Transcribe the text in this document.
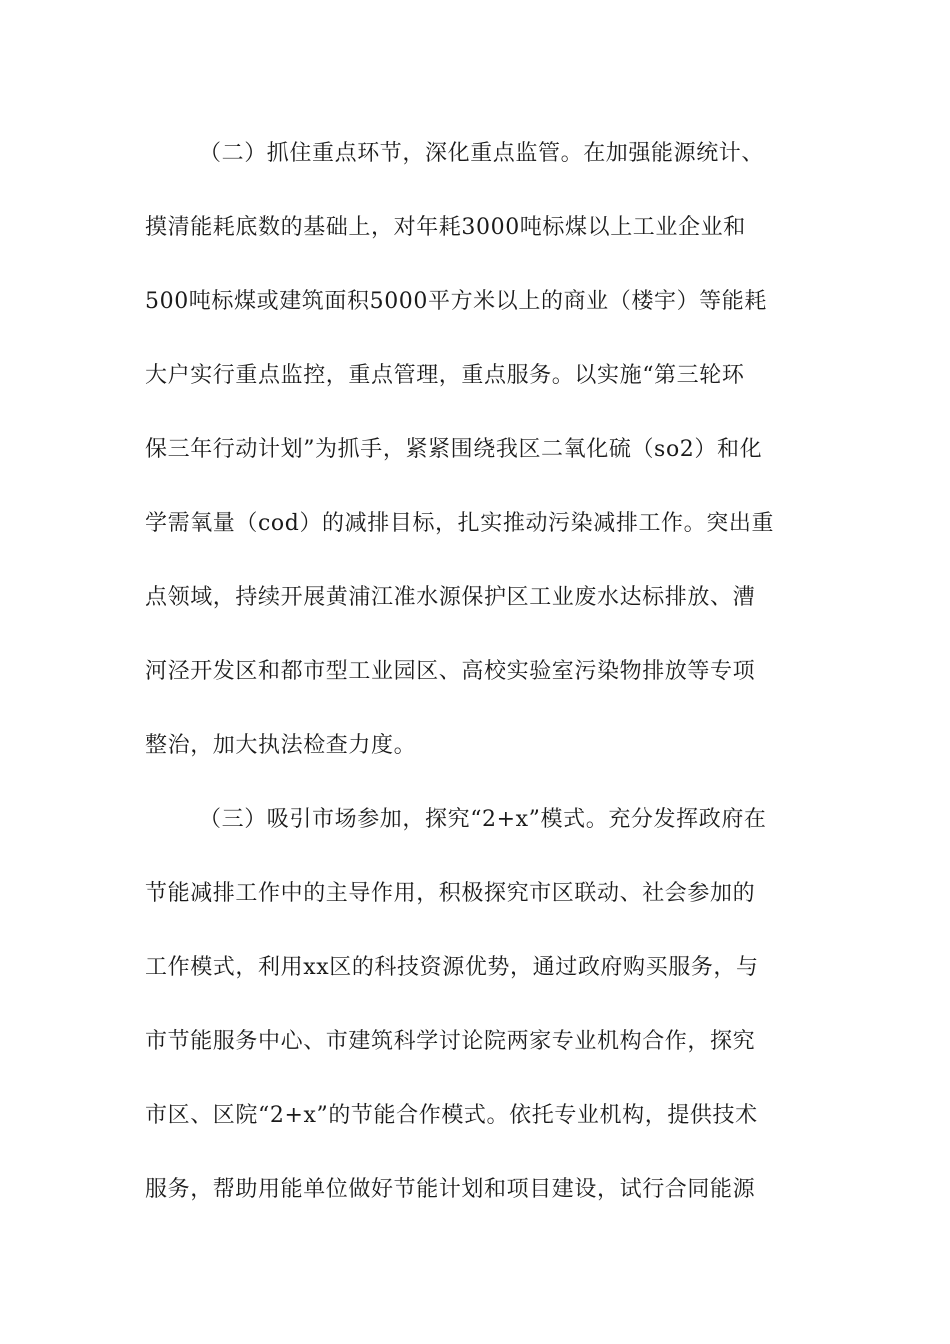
（二）抓住重点环节，深化重点监管。在加强能源统计、
摸清能耗底数的基础上，对年耗3000吨标煤以上工业企业和
500吨标煤或建筑面积5000平方米以上的商业（楼宇）等能耗
大户实行重点监控，重点管理，重点服务。以实施“第三轮环
保三年行动计划”为抓手，紧紧围绕我区二氧化硫（so2）和化
学需氧量（cod）的减排目标，扎实推动污染减排工作。突出重
点领域，持续开展黄浦江准水源保护区工业废水达标排放、漕
河泾开发区和都市型工业园区、高校实验室污染物排放等专项
整治，加大执法检查力度。
（三）吸引市场参加，探究“2+x”模式。充分发挥政府在
节能减排工作中的主导作用，积极探究市区联动、社会参加的
工作模式，利用xx区的科技资源优势，通过政府购买服务，与
市节能服务中心、市建筑科学讨论院两家专业机构合作，探究
市区、区院“2+x”的节能合作模式。依托专业机构，提供技术
服务，帮助用能单位做好节能计划和项目建设，试行合同能源
